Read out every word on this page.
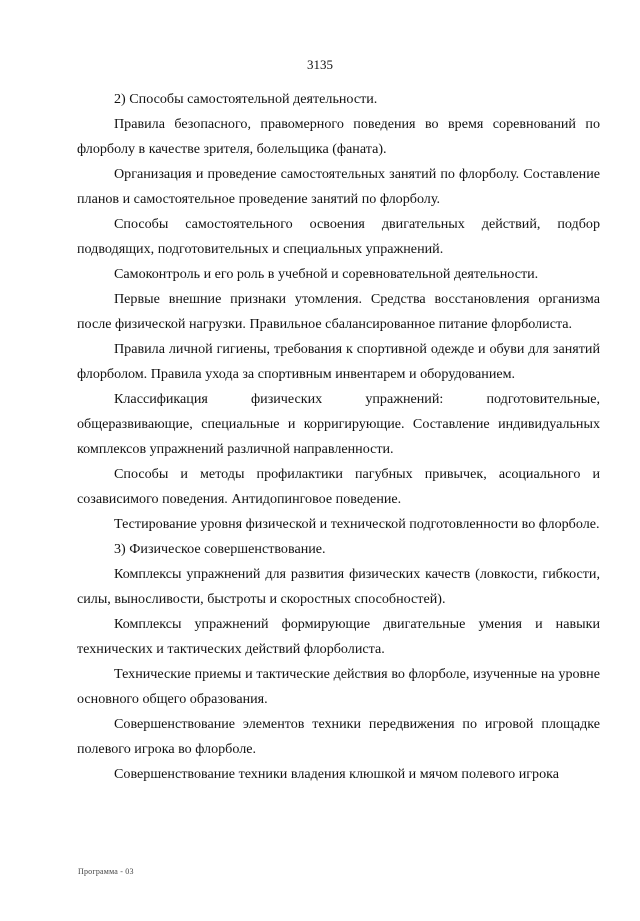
3135

2) Способы самостоятельной деятельности.

Правила безопасного, правомерного поведения во время соревнований по флорболу в качестве зрителя, болельщика (фаната).

Организация и проведение самостоятельных занятий по флорболу. Составление планов и самостоятельное проведение занятий по флорболу.

Способы самостоятельного освоения двигательных действий, подбор подводящих, подготовительных и специальных упражнений.

Самоконтроль и его роль в учебной и соревновательной деятельности.

Первые внешние признаки утомления. Средства восстановления организма после физической нагрузки. Правильное сбалансированное питание флорболиста.

Правила личной гигиены, требования к спортивной одежде и обуви для занятий флорболом. Правила ухода за спортивным инвентарем и оборудованием.

Классификация физических упражнений: подготовительные, общеразвивающие, специальные и корригирующие. Составление индивидуальных комплексов упражнений различной направленности.

Способы и методы профилактики пагубных привычек, асоциального и созависимого поведения. Антидопинговое поведение.

Тестирование уровня физической и технической подготовленности во флорболе.

3) Физическое совершенствование.

Комплексы упражнений для развития физических качеств (ловкости, гибкости, силы, выносливости, быстроты и скоростных способностей).

Комплексы упражнений формирующие двигательные умения и навыки технических и тактических действий флорболиста.

Технические приемы и тактические действия во флорболе, изученные на уровне основного общего образования.

Совершенствование элементов техники передвижения по игровой площадке полевого игрока во флорболе.

Совершенствование техники владения клюшкой и мячом полевого игрока

Программа - 03
